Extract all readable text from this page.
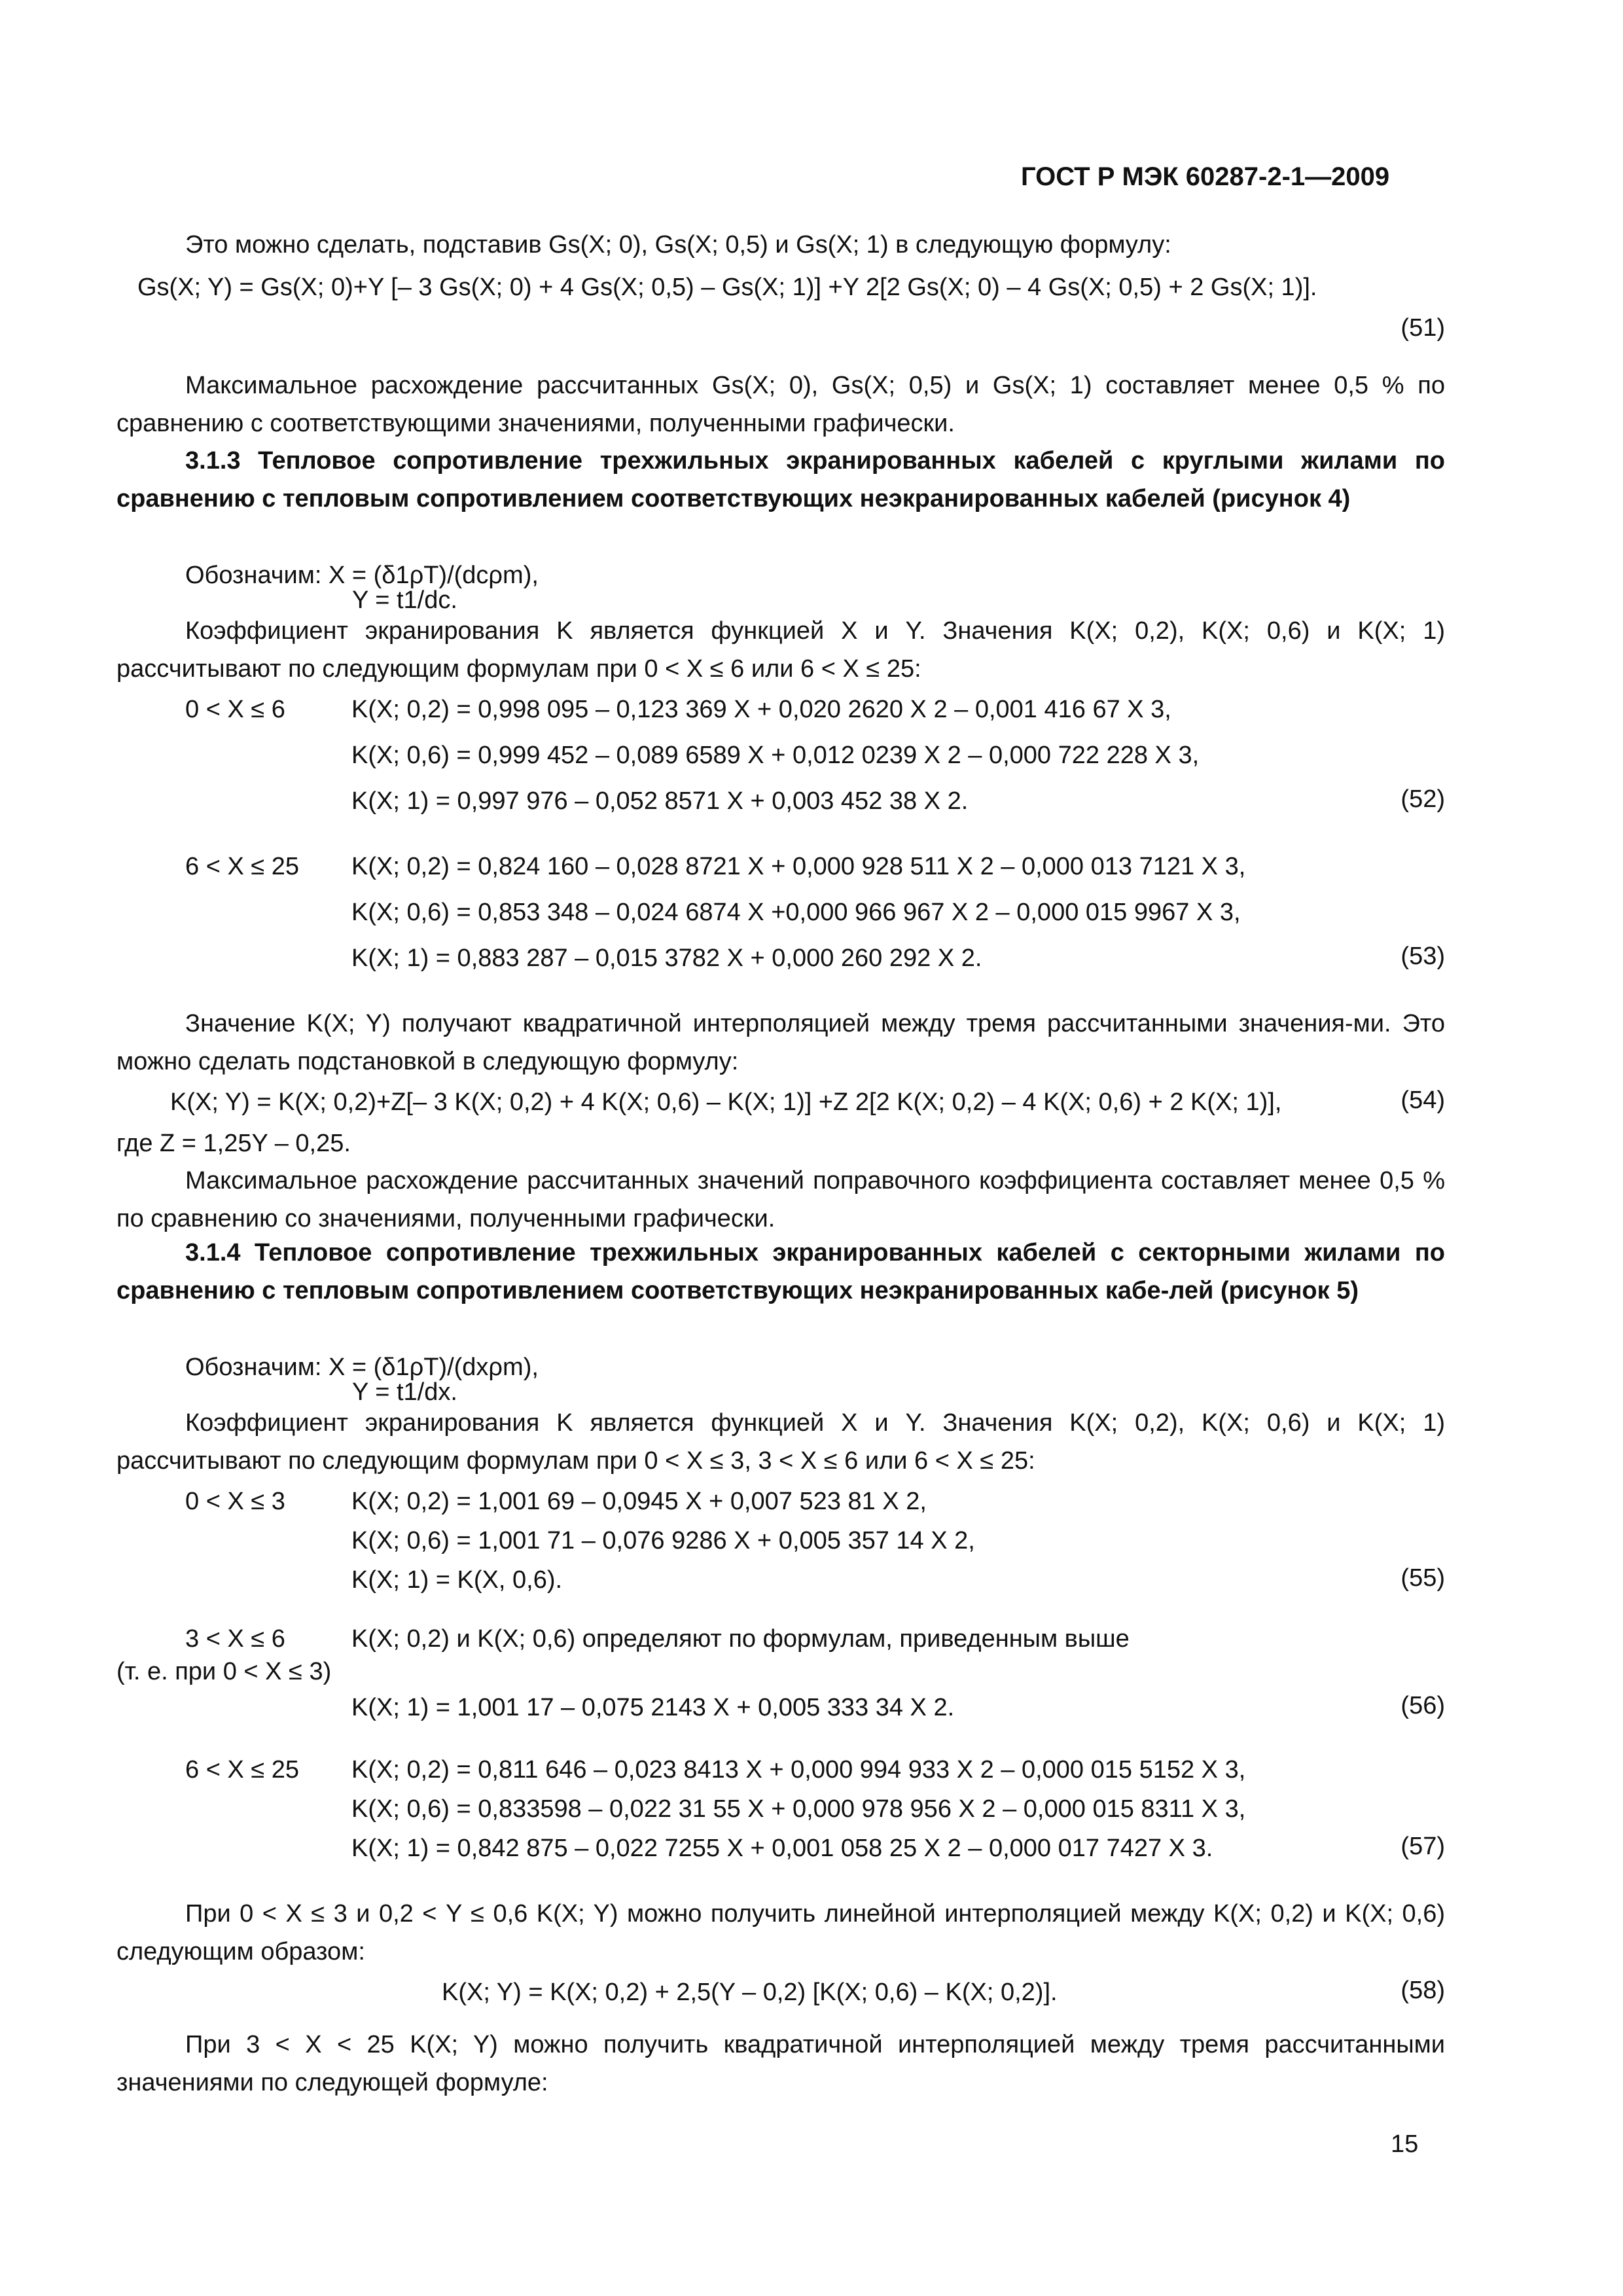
ГОСТ Р МЭК 60287-2-1—2009
Это можно сделать, подставив Gs(X; 0), Gs(X; 0,5) и Gs(X; 1) в следующую формулу:
Gs(X; Y) = Gs(X; 0)+Y [– 3 Gs(X; 0) + 4 Gs(X; 0,5) – Gs(X; 1)] +Y 2[2 Gs(X; 0) – 4 Gs(X; 0,5) + 2 Gs(X; 1)].
(51)
Максимальное расхождение рассчитанных Gs(X; 0), Gs(X; 0,5) и Gs(X; 1) составляет менее 0,5 % по сравнению с соответствующими значениями, полученными графически.
3.1.3 Тепловое сопротивление трехжильных экранированных кабелей с круглыми жилами по сравнению с тепловым сопротивлением соответствующих неэкранированных кабелей (рисунок 4)
Обозначим: X = (δ1ρT)/(dcρm),
Y = t1/dc.
Коэффициент экранирования K является функцией X и Y. Значения K(X; 0,2), K(X; 0,6) и K(X; 1) рассчитывают по следующим формулам при 0 < X ≤ 6 или 6 < X ≤ 25:
0 < X ≤ 6	K(X; 0,2) = 0,998 095 – 0,123 369 X + 0,020 2620 X 2 – 0,001 416 67 X 3,
K(X; 0,6) = 0,999 452 – 0,089 6589 X + 0,012 0239 X 2 – 0,000 722 228 X 3,
K(X; 1) = 0,997 976 – 0,052 8571 X + 0,003 452 38 X 2.	(52)
6 < X ≤ 25 K(X; 0,2) = 0,824 160 – 0,028 8721 X + 0,000 928 511 X 2 – 0,000 013 7121 X 3,
K(X; 0,6) = 0,853 348 – 0,024 6874 X +0,000 966 967 X 2 – 0,000 015 9967 X 3,
K(X; 1) = 0,883 287 – 0,015 3782 X + 0,000 260 292 X 2.	(53)
Значение K(X; Y) получают квадратичной интерполяцией между тремя рассчитанными значения-ми. Это можно сделать подстановкой в следующую формулу:
K(X; Y) = K(X; 0,2)+Z[– 3 K(X; 0,2) + 4 K(X; 0,6) – K(X; 1)] +Z 2[2 K(X; 0,2) – 4 K(X; 0,6) + 2 K(X; 1)],	(54)
где Z = 1,25Y – 0,25.
Максимальное расхождение рассчитанных значений поправочного коэффициента составляет менее 0,5 % по сравнению со значениями, полученными графически.
3.1.4 Тепловое сопротивление трехжильных экранированных кабелей с секторными жилами по сравнению с тепловым сопротивлением соответствующих неэкранированных кабе-лей (рисунок 5)
Обозначим: X = (δ1ρT)/(dxρm),
Y = t1/dx.
Коэффициент экранирования K является функцией X и Y. Значения K(X; 0,2), K(X; 0,6) и K(X; 1) рассчитывают по следующим формулам при 0 < X ≤ 3, 3 < X ≤ 6 или 6 < X ≤ 25:
0 < X ≤ 3	K(X; 0,2) = 1,001 69 – 0,0945 X + 0,007 523 81 X 2,
K(X; 0,6) = 1,001 71 – 0,076 9286 X + 0,005 357 14 X 2,
K(X; 1) = K(X, 0,6).	(55)
3 < X ≤ 6	K(X; 0,2) и K(X; 0,6) определяют по формулам, приведенным выше
(т. е. при 0 < X ≤ 3)
K(X; 1) = 1,001 17 – 0,075 2143 X + 0,005 333 34 X 2.	(56)
6 < X ≤ 25 K(X; 0,2) = 0,811 646 – 0,023 8413 X + 0,000 994 933 X 2 – 0,000 015 5152 X 3,
K(X; 0,6) = 0,833598 – 0,022 31 55 X + 0,000 978 956 X 2 – 0,000 015 8311 X 3,
K(X; 1) = 0,842 875 – 0,022 7255 X + 0,001 058 25 X 2 – 0,000 017 7427 X 3.	(57)
При 0 < X ≤ 3 и 0,2 < Y ≤ 0,6 K(X; Y) можно получить линейной интерполяцией между K(X; 0,2) и K(X; 0,6) следующим образом:
K(X; Y) = K(X; 0,2) + 2,5(Y – 0,2) [K(X; 0,6) – K(X; 0,2)].	(58)
При 3 < X < 25 K(X; Y) можно получить квадратичной интерполяцией между тремя рассчитанными значениями по следующей формуле:
15
